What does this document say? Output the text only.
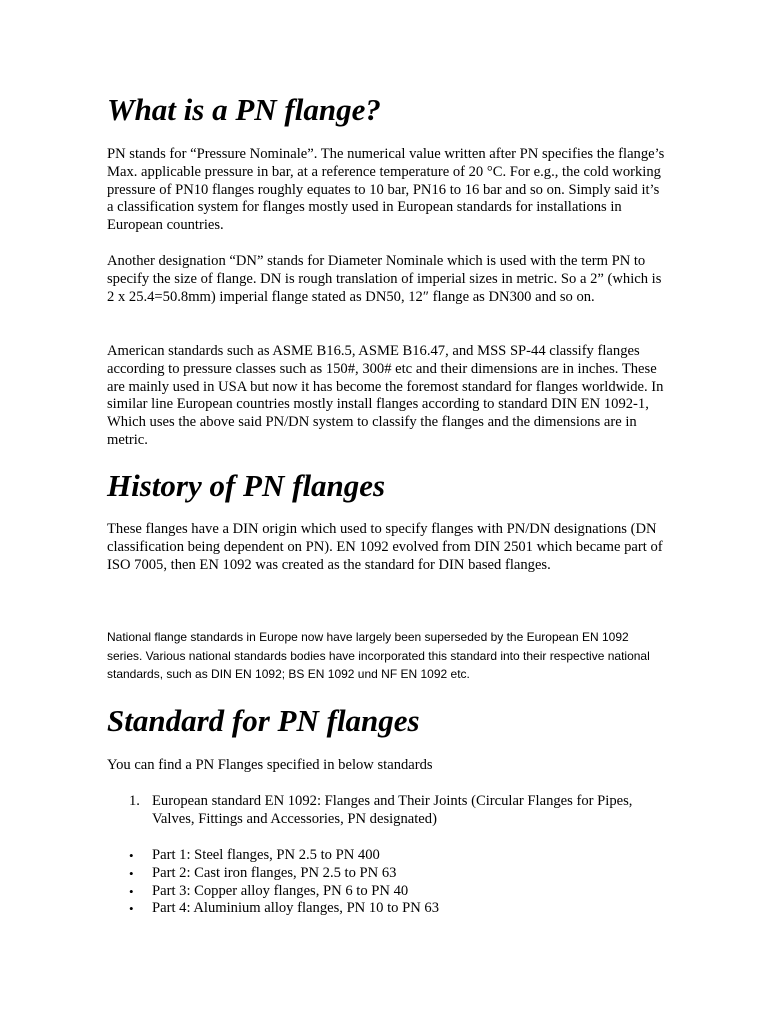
What is a PN flange?

PN stands for “Pressure Nominale”. The numerical value written after PN specifies the flange’s Max. applicable pressure in bar, at a reference temperature of 20 °C. For e.g., the cold working pressure of PN10 flanges roughly equates to 10 bar, PN16 to 16 bar and so on. Simply said it’s a classification system for flanges mostly used in European standards for installations in European countries.

Another designation “DN” stands for Diameter Nominale which is used with the term PN to specify the size of flange. DN is rough translation of imperial sizes in metric. So a 2” (which is 2 x 25.4=50.8mm) imperial flange stated as DN50, 12″ flange as DN300 and so on.

American standards such as ASME B16.5, ASME B16.47, and MSS SP-44 classify flanges according to pressure classes such as 150#, 300# etc and their dimensions are in inches. These are mainly used in USA but now it has become the foremost standard for flanges worldwide. In similar line European countries mostly install flanges according to standard DIN EN 1092-1, Which uses the above said PN/DN system to classify the flanges and the dimensions are in metric.

History of PN flanges

These flanges have a DIN origin which used to specify flanges with PN/DN designations (DN classification being dependent on PN). EN 1092 evolved from DIN 2501 which became part of ISO 7005, then EN 1092 was created as the standard for DIN based flanges.

National flange standards in Europe now have largely been superseded by the European EN 1092 series. Various national standards bodies have incorporated this standard into their respective national standards, such as DIN EN 1092; BS EN 1092 und NF EN 1092 etc.

Standard for PN flanges

You can find a PN Flanges specified in below standards

1. European standard EN 1092: Flanges and Their Joints (Circular Flanges for Pipes, Valves, Fittings and Accessories, PN designated)
• Part 1: Steel flanges, PN 2.5 to PN 400
• Part 2: Cast iron flanges, PN 2.5 to PN 63
• Part 3: Copper alloy flanges, PN 6 to PN 40
• Part 4: Aluminium alloy flanges, PN 10 to PN 63
